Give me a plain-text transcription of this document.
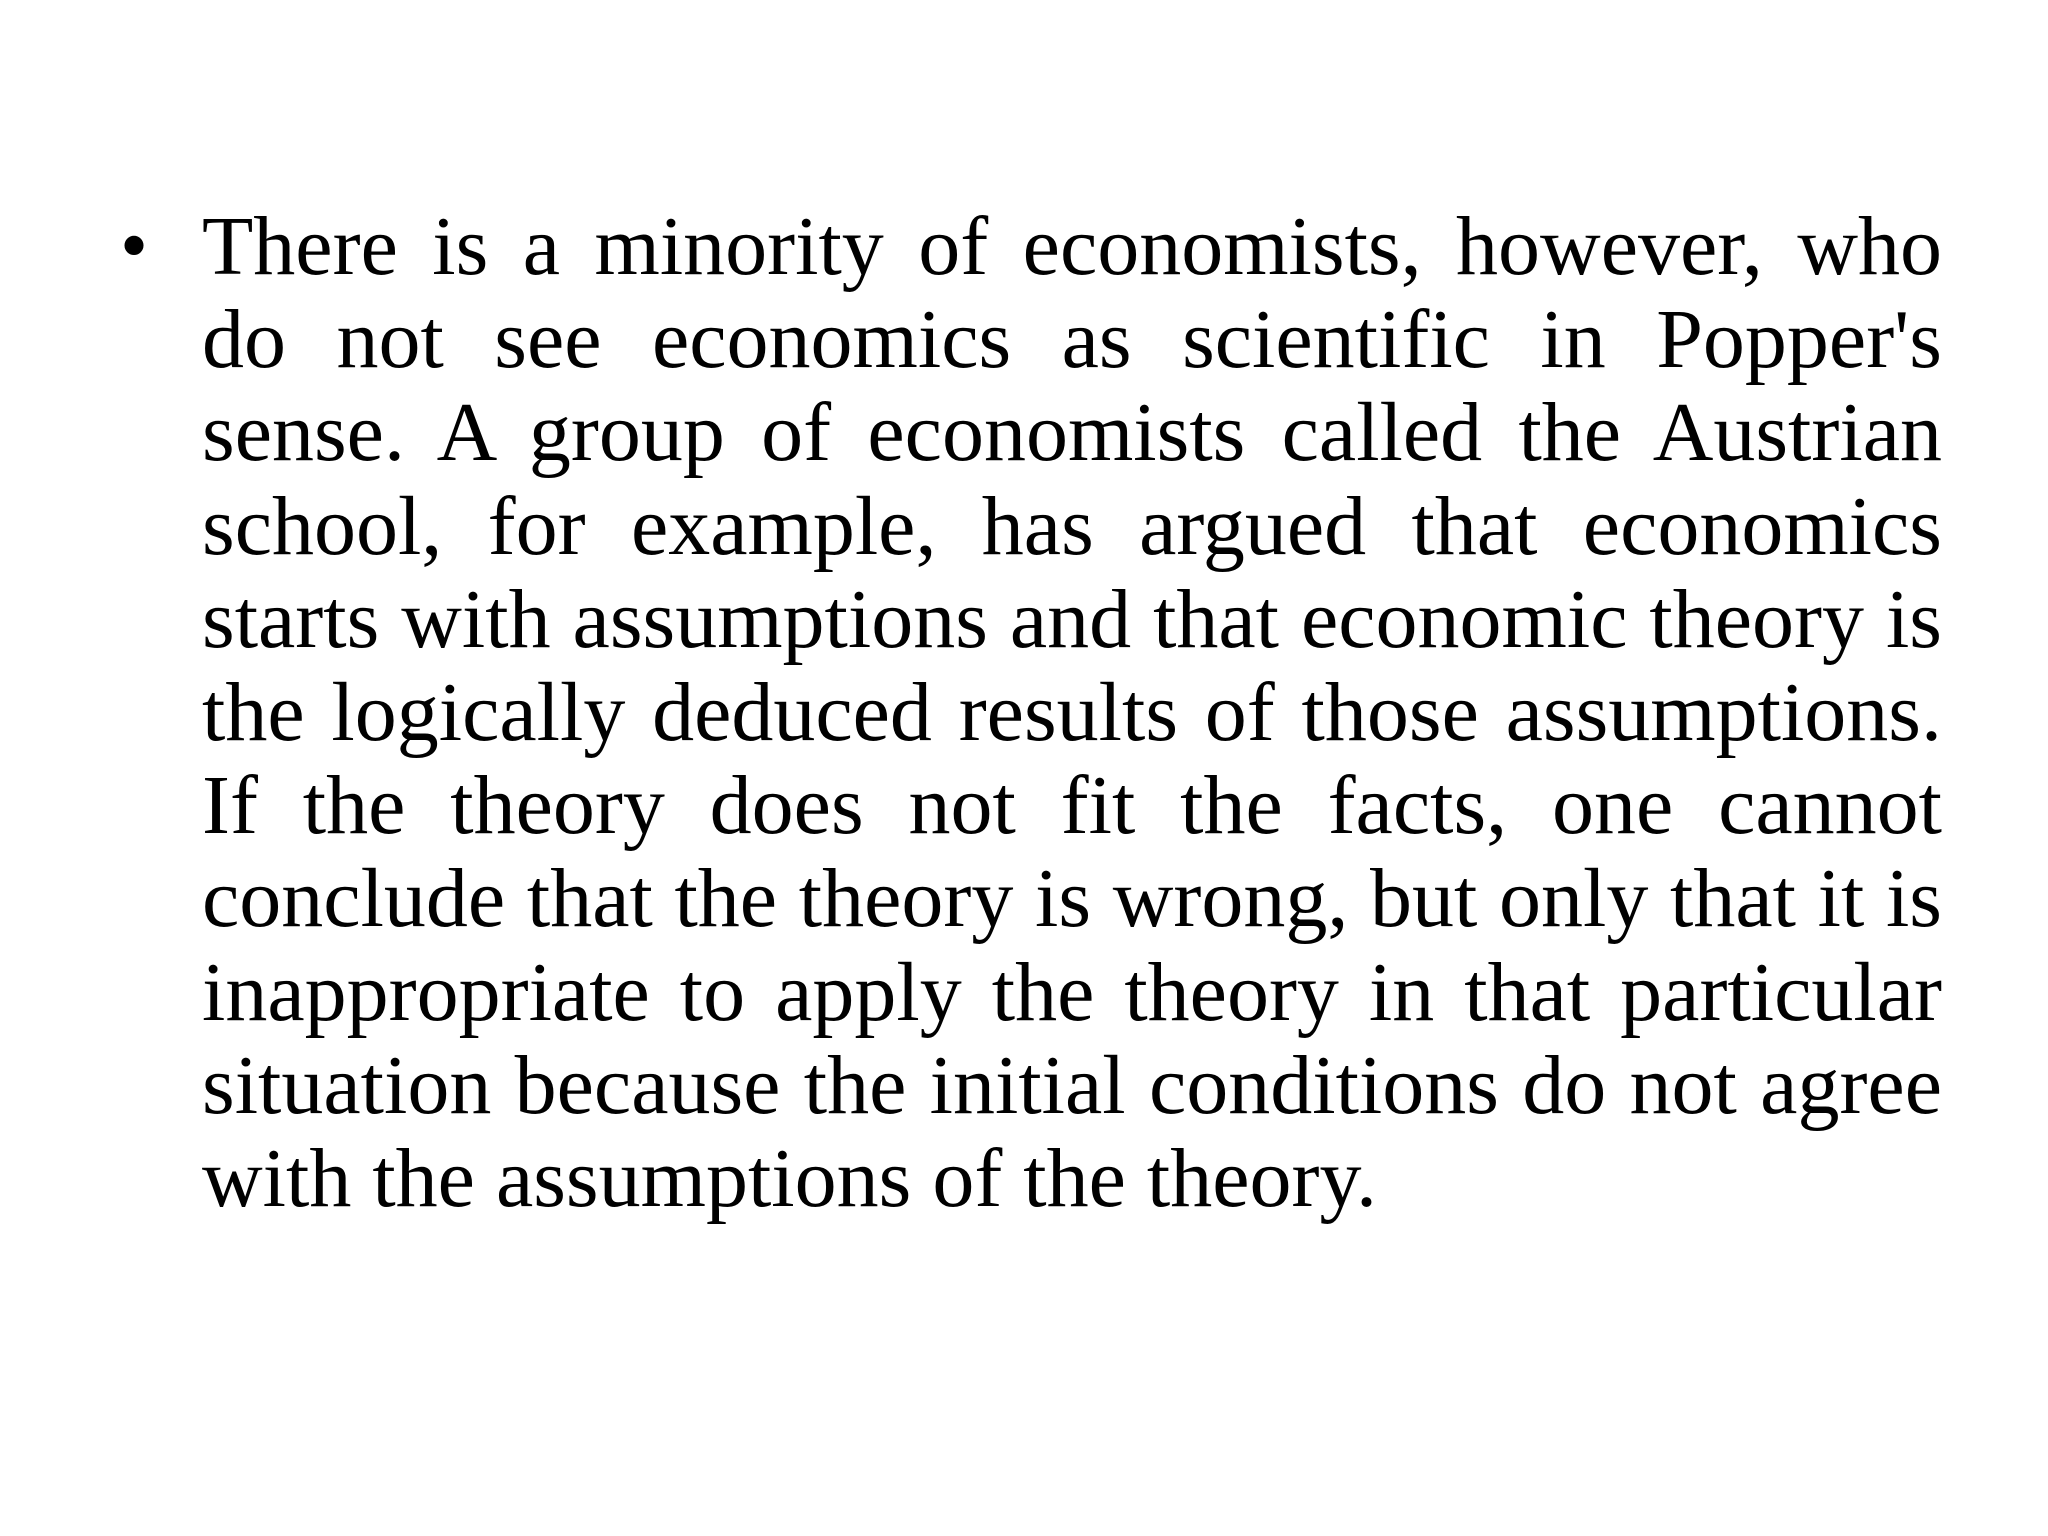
• There is a minority of economists, however, who do not see economics as scientific in Popper's sense. A group of economists called the Austrian school, for example, has argued that economics starts with assumptions and that economic theory is the logically deduced results of those assumptions. If the theory does not fit the facts, one cannot conclude that the theory is wrong, but only that it is inappropriate to apply the theory in that particular situation because the initial conditions do not agree with the assumptions of the theory.
